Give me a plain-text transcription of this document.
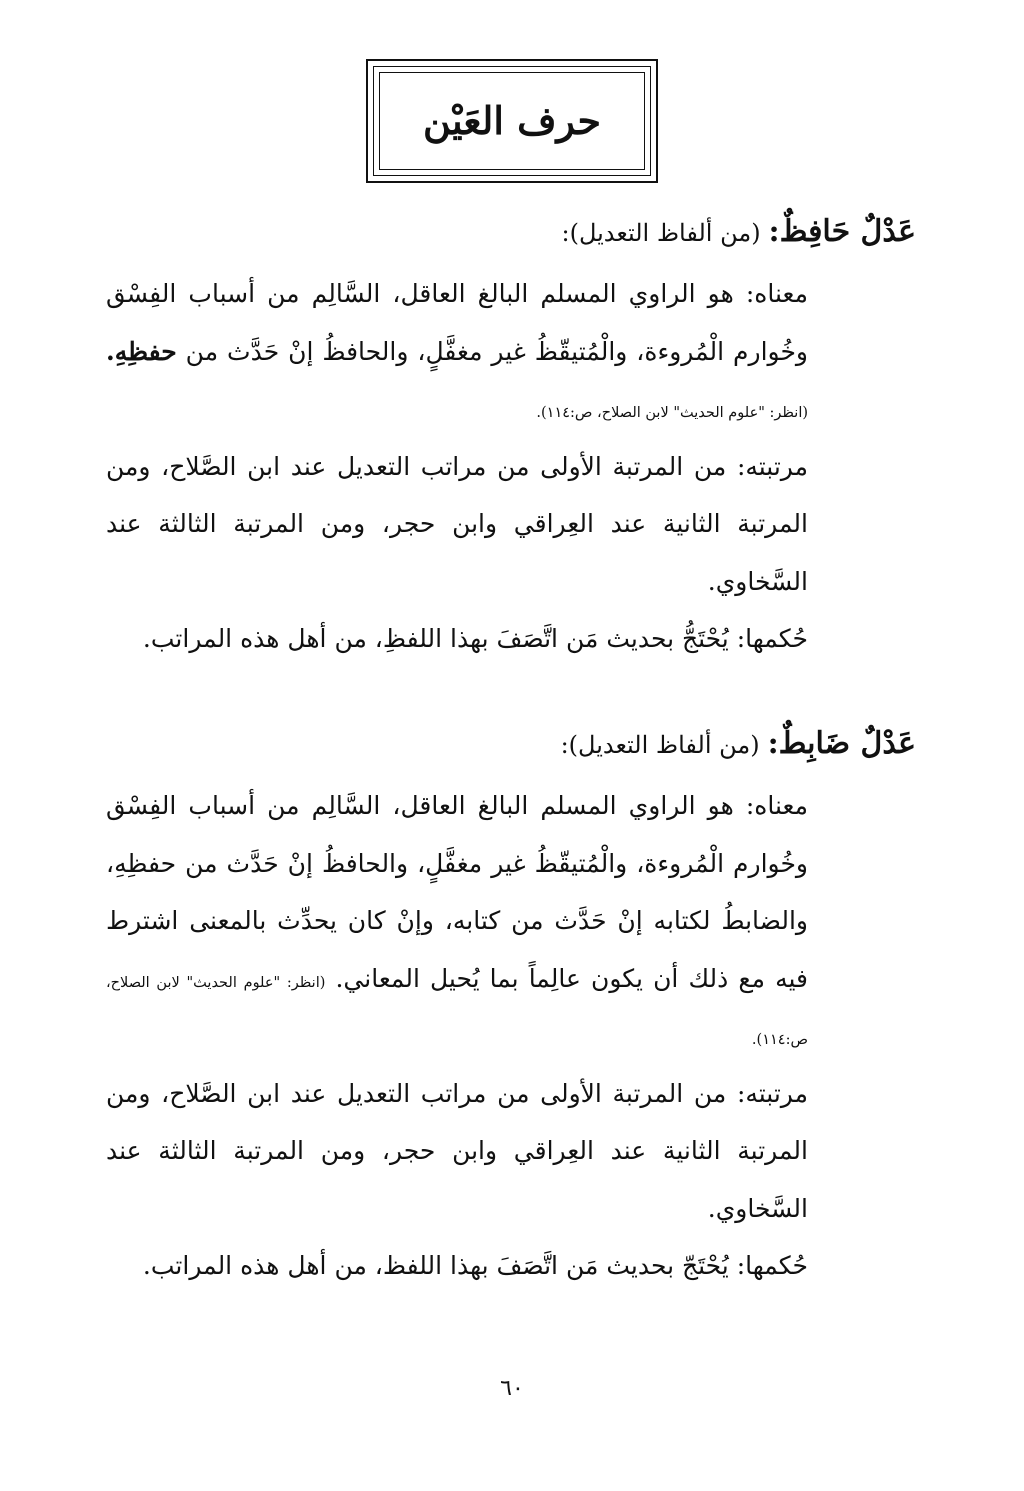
حرف العَيْن
عَدْلٌ حَافِظٌ: (من ألفاظ التعديل):
معناه: هو الراوي المسلم البالغ العاقل، السَّالِم من أسباب الفِسْق وخُوارم الْمُروءة، والْمُتيقّظُ غير مغفَّلٍ، والحافظُ إنْ حَدَّث من حفظِهِ. (انظر: "علوم الحديث" لابن الصلاح، ص:١١٤).
مرتبته: من المرتبة الأولى من مراتب التعديل عند ابن الصَّلاح، ومن المرتبة الثانية عند العِراقي وابن حجر، ومن المرتبة الثالثة عند السَّخاوي.
حُكمها: يُحْتَجُّ بحديث مَن اتَّصَفَ بهذا اللفظِ، من أهل هذه المراتب.
عَدْلٌ ضَابِطٌ: (من ألفاظ التعديل):
معناه: هو الراوي المسلم البالغ العاقل، السَّالِم من أسباب الفِسْق وخُوارم الْمُروءة، والْمُتيقّظُ غير مغفَّلٍ، والحافظُ إنْ حَدَّث من حفظِهِ، والضابطُ لكتابه إنْ حَدَّث من كتابه، وإنْ كان يحدِّث بالمعنى اشترط فيه مع ذلك أن يكون عالِماً بما يُحيل المعاني. (انظر: "علوم الحديث" لابن الصلاح، ص:١١٤).
مرتبته: من المرتبة الأولى من مراتب التعديل عند ابن الصَّلاح، ومن المرتبة الثانية عند العِراقي وابن حجر، ومن المرتبة الثالثة عند السَّخاوي.
حُكمها: يُحْتَجّ بحديث مَن اتَّصَفَ بهذا اللفظ، من أهل هذه المراتب.
٦٠
